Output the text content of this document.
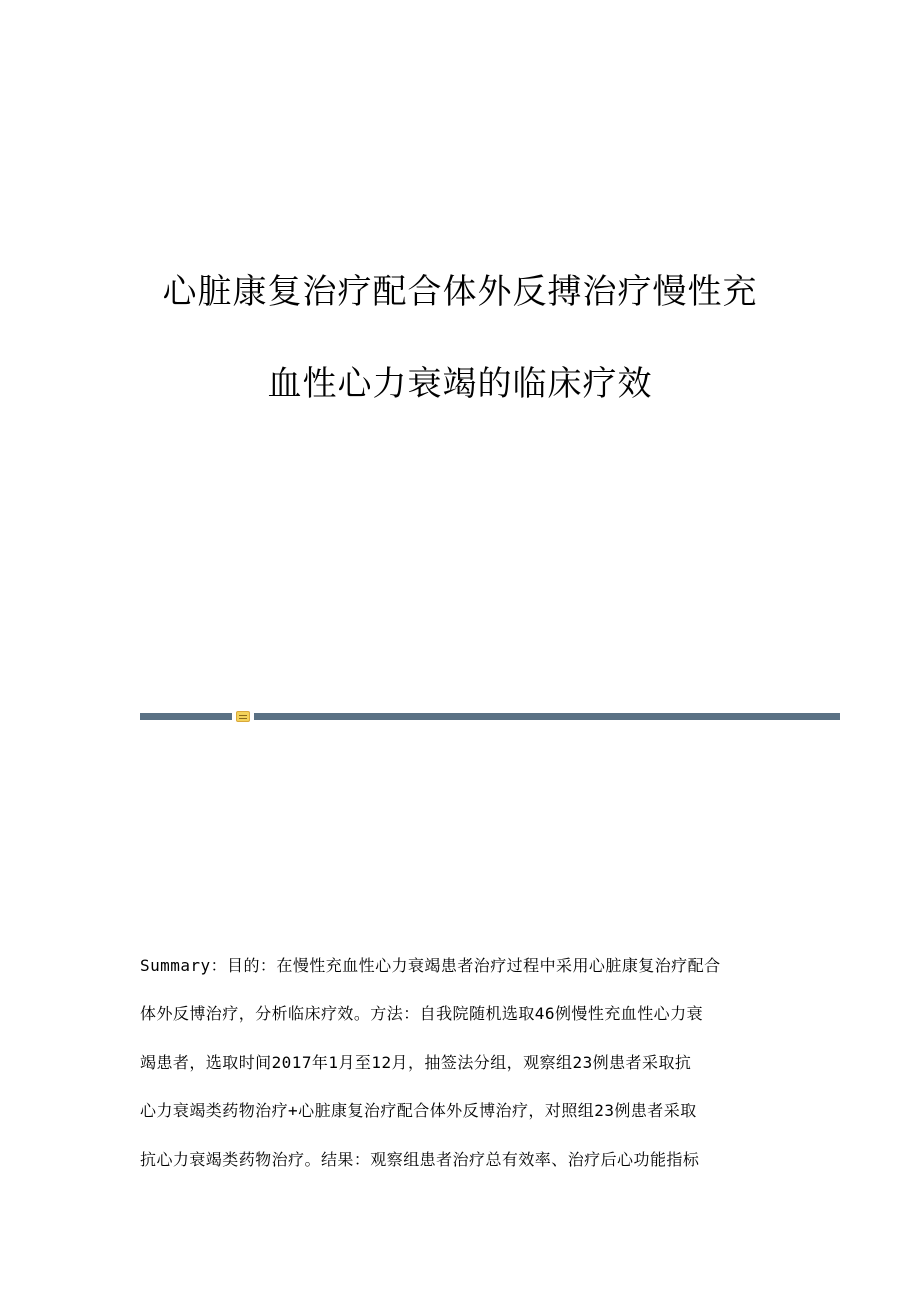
心脏康复治疗配合体外反搏治疗慢性充
血性心力衰竭的临床疗效
Summary：目的：在慢性充血性心力衰竭患者治疗过程中采用心脏康复治疗配合
体外反博治疗，分析临床疗效。方法：自我院随机选取46例慢性充血性心力衰
竭患者，选取时间2017年1月至12月，抽签法分组，观察组23例患者采取抗
心力衰竭类药物治疗+心脏康复治疗配合体外反博治疗，对照组23例患者采取
抗心力衰竭类药物治疗。结果：观察组患者治疗总有效率、治疗后心功能指标
